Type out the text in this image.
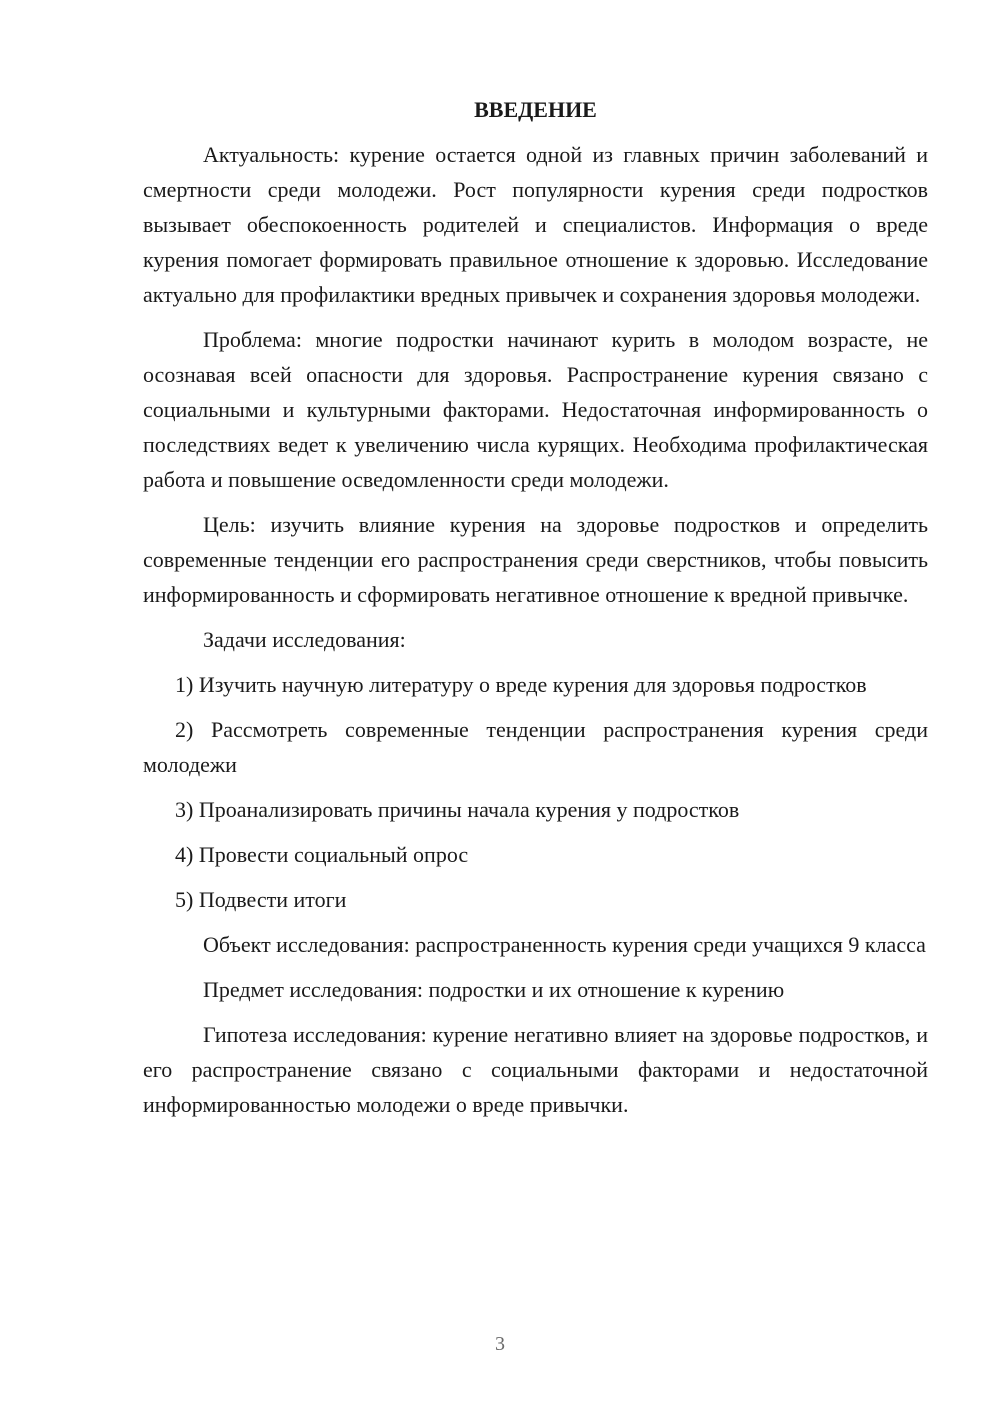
ВВЕДЕНИЕ

Актуальность: курение остается одной из главных причин заболеваний и смертности среди молодежи. Рост популярности курения среди подростков вызывает обеспокоенность родителей и специалистов. Информация о вреде курения помогает формировать правильное отношение к здоровью. Исследование актуально для профилактики вредных привычек и сохранения здоровья молодежи.

Проблема: многие подростки начинают курить в молодом возрасте, не осознавая всей опасности для здоровья. Распространение курения связано с социальными и культурными факторами. Недостаточная информированность о последствиях ведет к увеличению числа курящих. Необходима профилактическая работа и повышение осведомленности среди молодежи.

Цель: изучить влияние курения на здоровье подростков и определить современные тенденции его распространения среди сверстников, чтобы повысить информированность и сформировать негативное отношение к вредной привычке.

Задачи исследования:

1) Изучить научную литературу о вреде курения для здоровья подростков

2) Рассмотреть современные тенденции распространения курения среди молодежи

3) Проанализировать причины начала курения у подростков

4) Провести социальный опрос

5) Подвести итоги

Объект исследования: распространенность курения среди учащихся 9 класса

Предмет исследования: подростки и их отношение к курению

Гипотеза исследования: курение негативно влияет на здоровье подростков, и его распространение связано с социальными факторами и недостаточной информированностью молодежи о вреде привычки.

3
